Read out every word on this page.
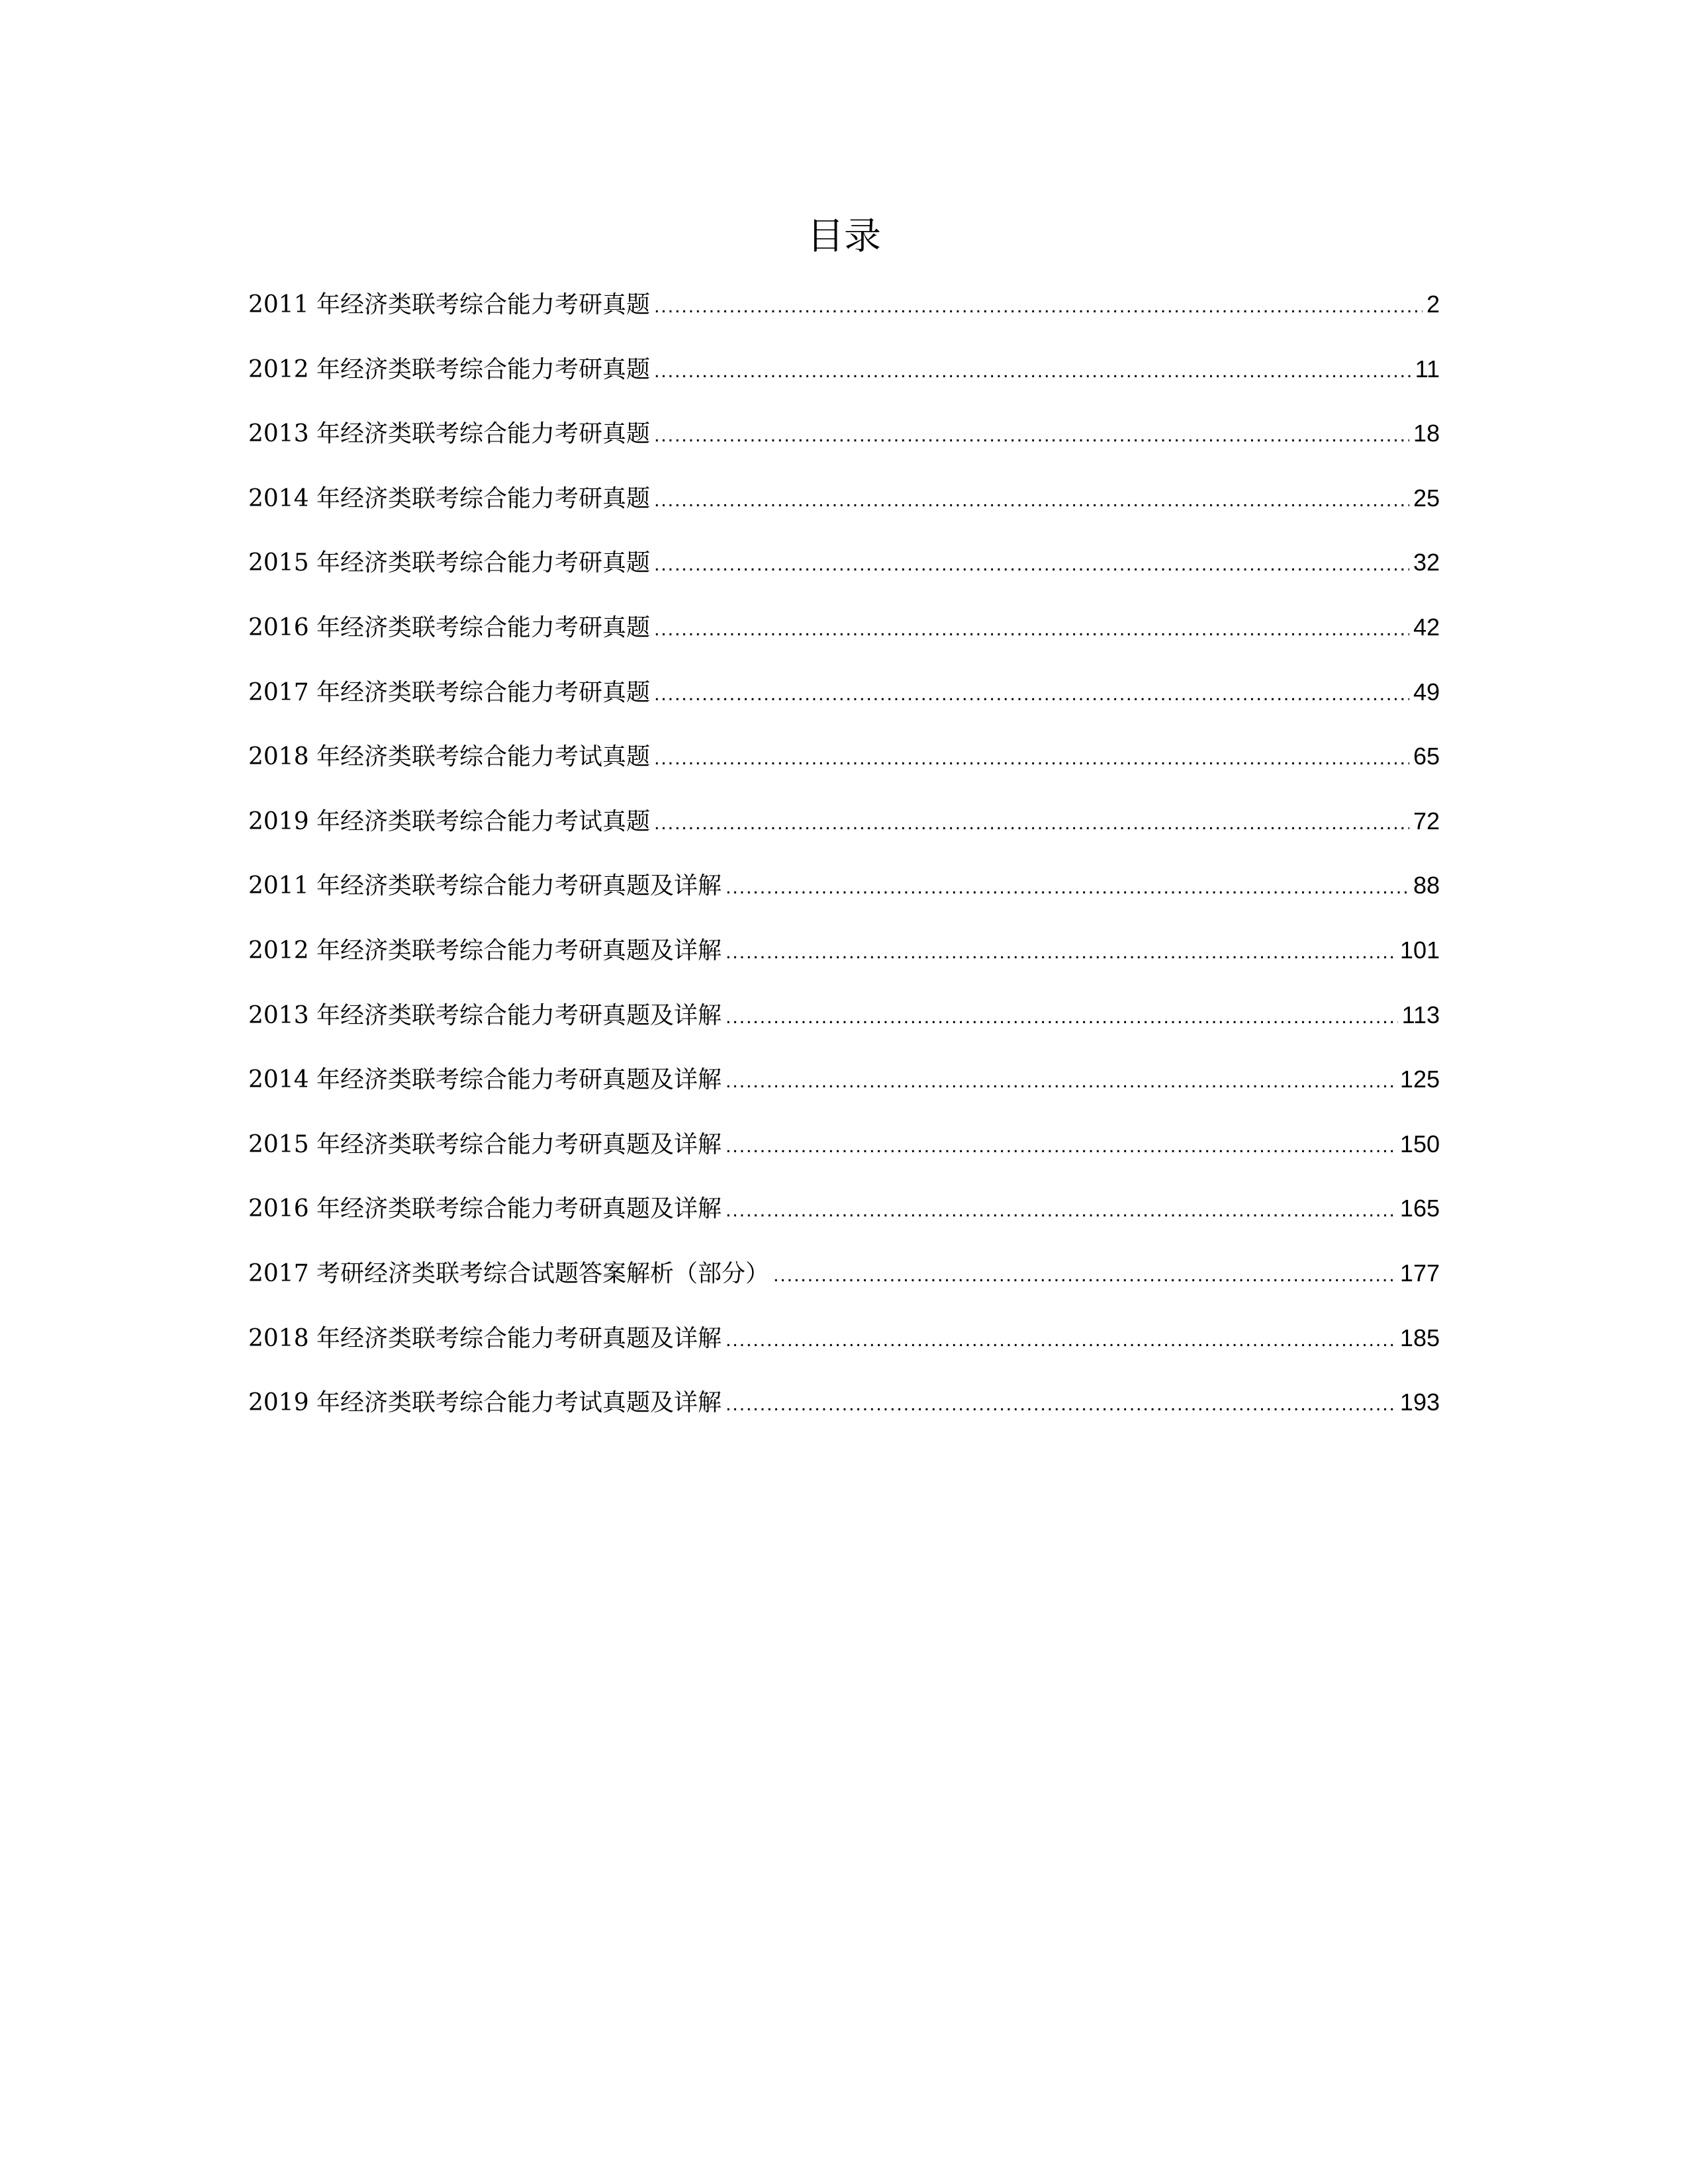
目录
2011 年经济类联考综合能力考研真题 .....	2
2012 年经济类联考综合能力考研真题 .....	11
2013 年经济类联考综合能力考研真题 .....	18
2014 年经济类联考综合能力考研真题 .....	25
2015 年经济类联考综合能力考研真题 .....	32
2016 年经济类联考综合能力考研真题 .....	42
2017 年经济类联考综合能力考研真题 .....	49
2018 年经济类联考综合能力考试真题 .....	65
2019 年经济类联考综合能力考试真题 .....	72
2011 年经济类联考综合能力考研真题及详解 .....	88
2012 年经济类联考综合能力考研真题及详解 .....	101
2013 年经济类联考综合能力考研真题及详解 .....	113
2014 年经济类联考综合能力考研真题及详解 .....	125
2015 年经济类联考综合能力考研真题及详解 .....	150
2016 年经济类联考综合能力考研真题及详解 .....	165
2017 考研经济类联考综合试题答案解析（部分） .....	177
2018 年经济类联考综合能力考研真题及详解 .....	185
2019 年经济类联考综合能力考试真题及详解 .....	193
